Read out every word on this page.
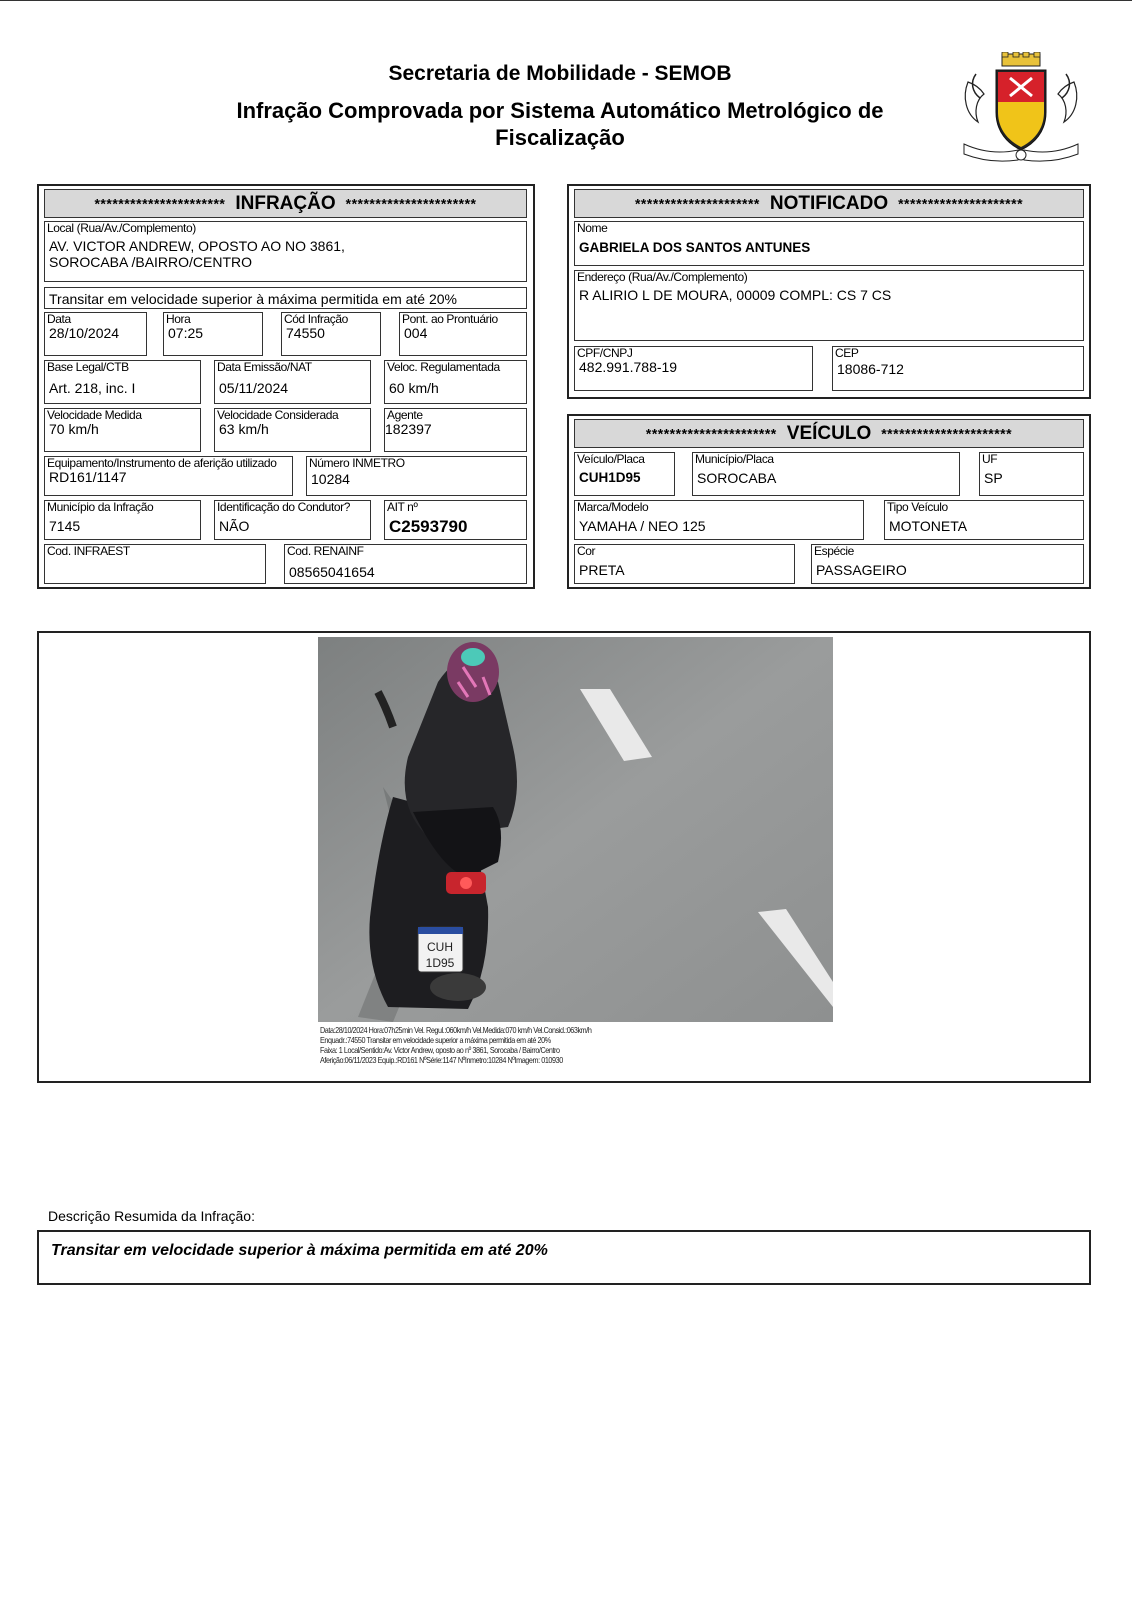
Secretaria de Mobilidade - SEMOB
Infração Comprovada por Sistema Automático Metrológico de
Fiscalização
********************** INFRAÇÃO **********************
Local (Rua/Av./Complemento)
AV. VICTOR ANDREW, OPOSTO AO NO 3861,
SOROCABA /BAIRRO/CENTRO
Transitar em velocidade superior à máxima permitida em até 20%
Data
28/10/2024
Hora
07:25
Cód Infração
74550
Pont. ao Prontuário
004
Base Legal/CTB
Art. 218, inc. I
Data Emissão/NAT
05/11/2024
Veloc. Regulamentada
60 km/h
Velocidade Medida
70 km/h
Velocidade Considerada
63 km/h
Agente
182397
Equipamento/Instrumento de aferição utilizado
RD161/1147
Número INMETRO
10284
Município da Infração
7145
Identificação do Condutor?
NÃO
AIT nº
C2593790
Cod. INFRAEST	Cod. RENAINF
08565041654
********************* NOTIFICADO *********************
Nome
GABRIELA DOS SANTOS ANTUNES
Endereço (Rua/Av./Complemento)
R ALIRIO L DE MOURA, 00009 COMPL: CS 7 CS
CPF/CNPJ
482.991.788-19
CEP
18086-712
********************** VEÍCULO **********************
Veículo/Placa
CUH1D95
Município/Placa
SOROCABA
UF
SP
Marca/Modelo
YAMAHA / NEO 125
Tipo Veículo
MOTONETA
Cor
PRETA
Espécie
PASSAGEIRO
CUH
1D95
Data:28/10/2024 Hora:07h25min Vel. Regul.:060km/h Vel.Medida:070 km/h Vel.Consid.:063km/h
Enquadr.:74550 Transitar em velocidade superior a máxima permitida em até 20%
Faixa: 1 Local/Sentido:Av. Victor Andrew, oposto ao nº 3861, Sorocaba / Bairro/Centro
Aferição:06/11/2023 Equip.:RD161 NºSérie:1147 NºInmetro:10284 NºImagem: 010930
Descrição Resumida da Infração:
Transitar em velocidade superior à máxima permitida em até 20%
